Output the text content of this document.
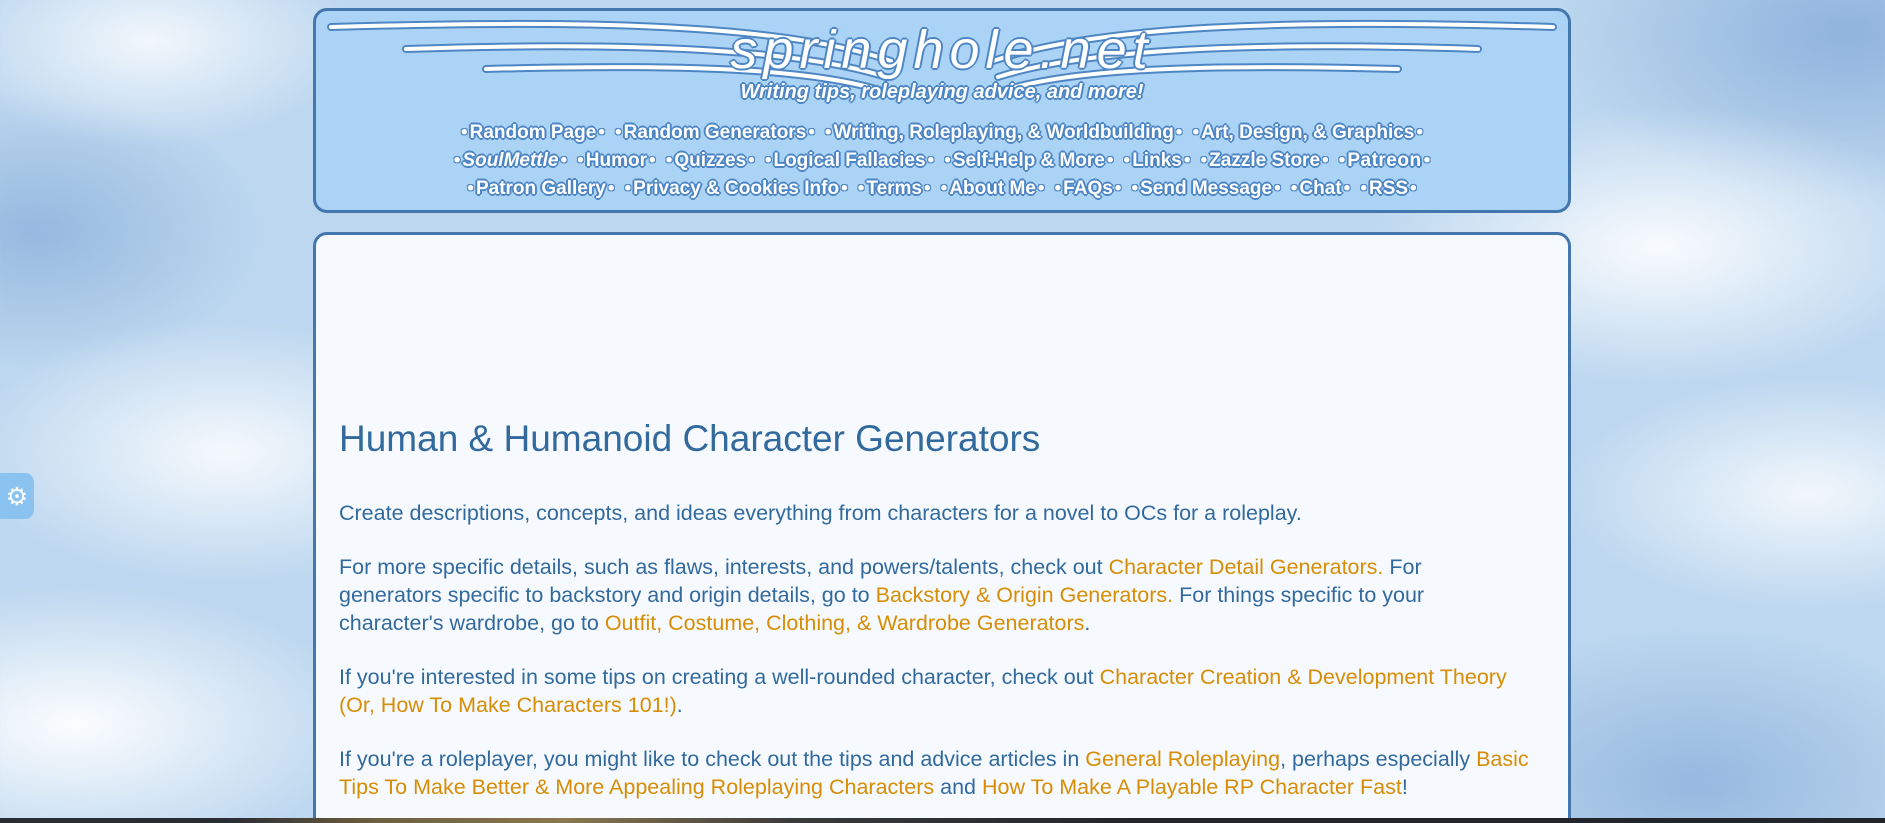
springhole.net
Writing tips, roleplaying advice, and more!
• Random Page • • Random Generators • • Writing, Roleplaying, & Worldbuilding • • Art, Design, & Graphics •
• SoulMettle • • Humor • • Quizzes • • Logical Fallacies • • Self-Help & More • • Links • • Zazzle Store • • Patreon •
• Patron Gallery • • Privacy & Cookies Info • • Terms • • About Me • • FAQs • • Send Message • • Chat • • RSS •
Human & Humanoid Character Generators

Create descriptions, concepts, and ideas everything from characters for a novel to OCs for a roleplay.

For more specific details, such as flaws, interests, and powers/talents, check out Character Detail Generators. For generators specific to backstory and origin details, go to Backstory & Origin Generators. For things specific to your character's wardrobe, go to Outfit, Costume, Clothing, & Wardrobe Generators.

If you're interested in some tips on creating a well-rounded character, check out Character Creation & Development Theory (Or, How To Make Characters 101!).

If you're a roleplayer, you might like to check out the tips and advice articles in General Roleplaying, perhaps especially Basic Tips To Make Better & More Appealing Roleplaying Characters and How To Make A Playable RP Character Fast!

⚙
